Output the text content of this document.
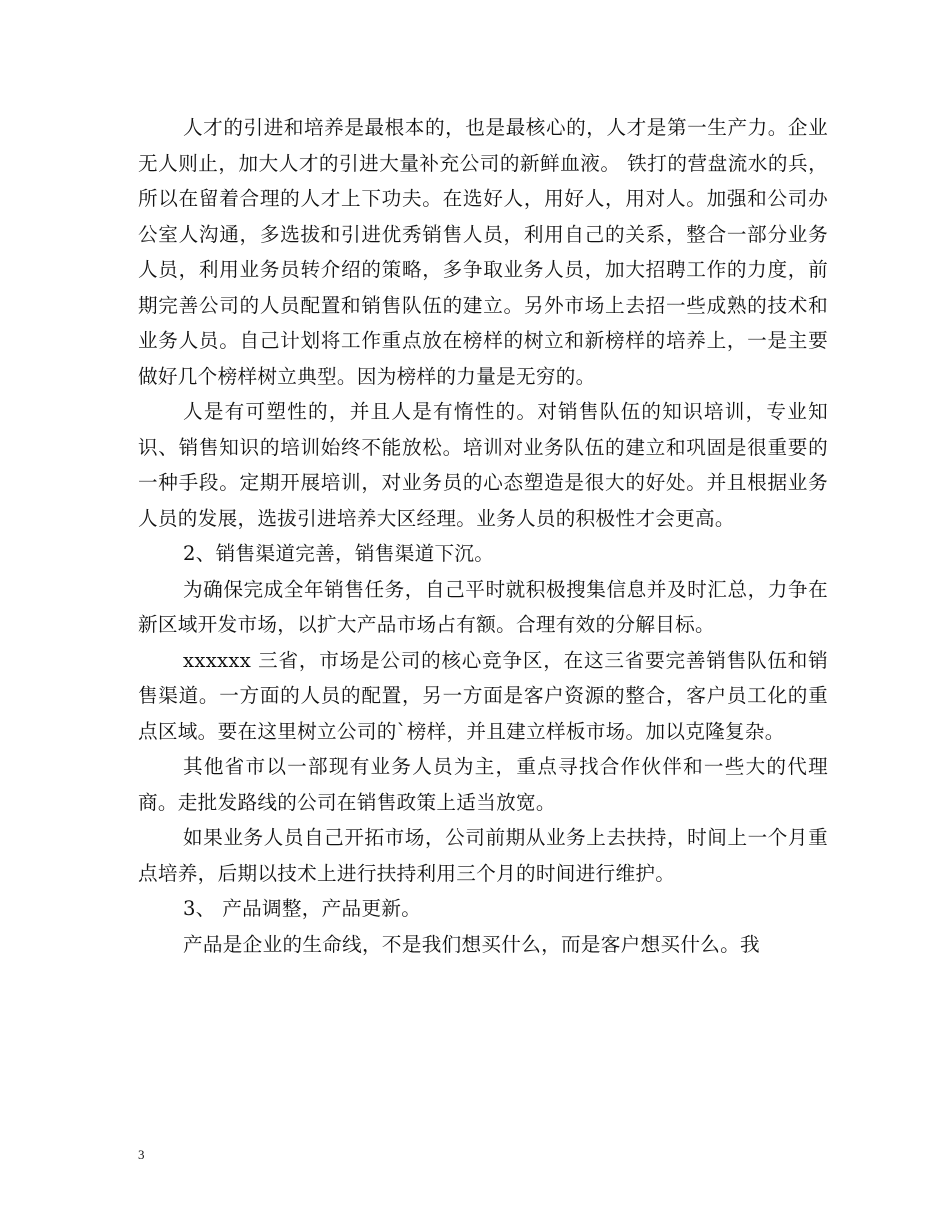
人才的引进和培养是最根本的，也是最核心的，人才是第一生产力。企业无人则止，加大人才的引进大量补充公司的新鲜血液。 铁打的营盘流水的兵，所以在留着合理的人才上下功夫。在选好人，用好人，用对人。加强和公司办公室人沟通，多选拔和引进优秀销售人员，利用自己的关系，整合一部分业务人员，利用业务员转介绍的策略，多争取业务人员，加大招聘工作的力度，前期完善公司的人员配置和销售队伍的建立。另外市场上去招一些成熟的技术和业务人员。自己计划将工作重点放在榜样的树立和新榜样的培养上，一是主要做好几个榜样树立典型。因为榜样的力量是无穷的。

人是有可塑性的，并且人是有惰性的。对销售队伍的知识培训，专业知识、销售知识的培训始终不能放松。培训对业务队伍的建立和巩固是很重要的一种手段。定期开展培训，对业务员的心态塑造是很大的好处。并且根据业务人员的发展，选拔引进培养大区经理。业务人员的积极性才会更高。

2、销售渠道完善，销售渠道下沉。

为确保完成全年销售任务，自己平时就积极搜集信息并及时汇总，力争在新区域开发市场，以扩大产品市场占有额。合理有效的分解目标。

xxxxxx 三省，市场是公司的核心竞争区，在这三省要完善销售队伍和销售渠道。一方面的人员的配置，另一方面是客户资源的整合，客户员工化的重点区域。要在这里树立公司的`榜样，并且建立样板市场。加以克隆复杂。

其他省市以一部现有业务人员为主，重点寻找合作伙伴和一些大的代理商。走批发路线的公司在销售政策上适当放宽。

如果业务人员自己开拓市场，公司前期从业务上去扶持，时间上一个月重点培养，后期以技术上进行扶持利用三个月的时间进行维护。

3、 产品调整，产品更新。

产品是企业的生命线，不是我们想买什么，而是客户想买什么。我

3
